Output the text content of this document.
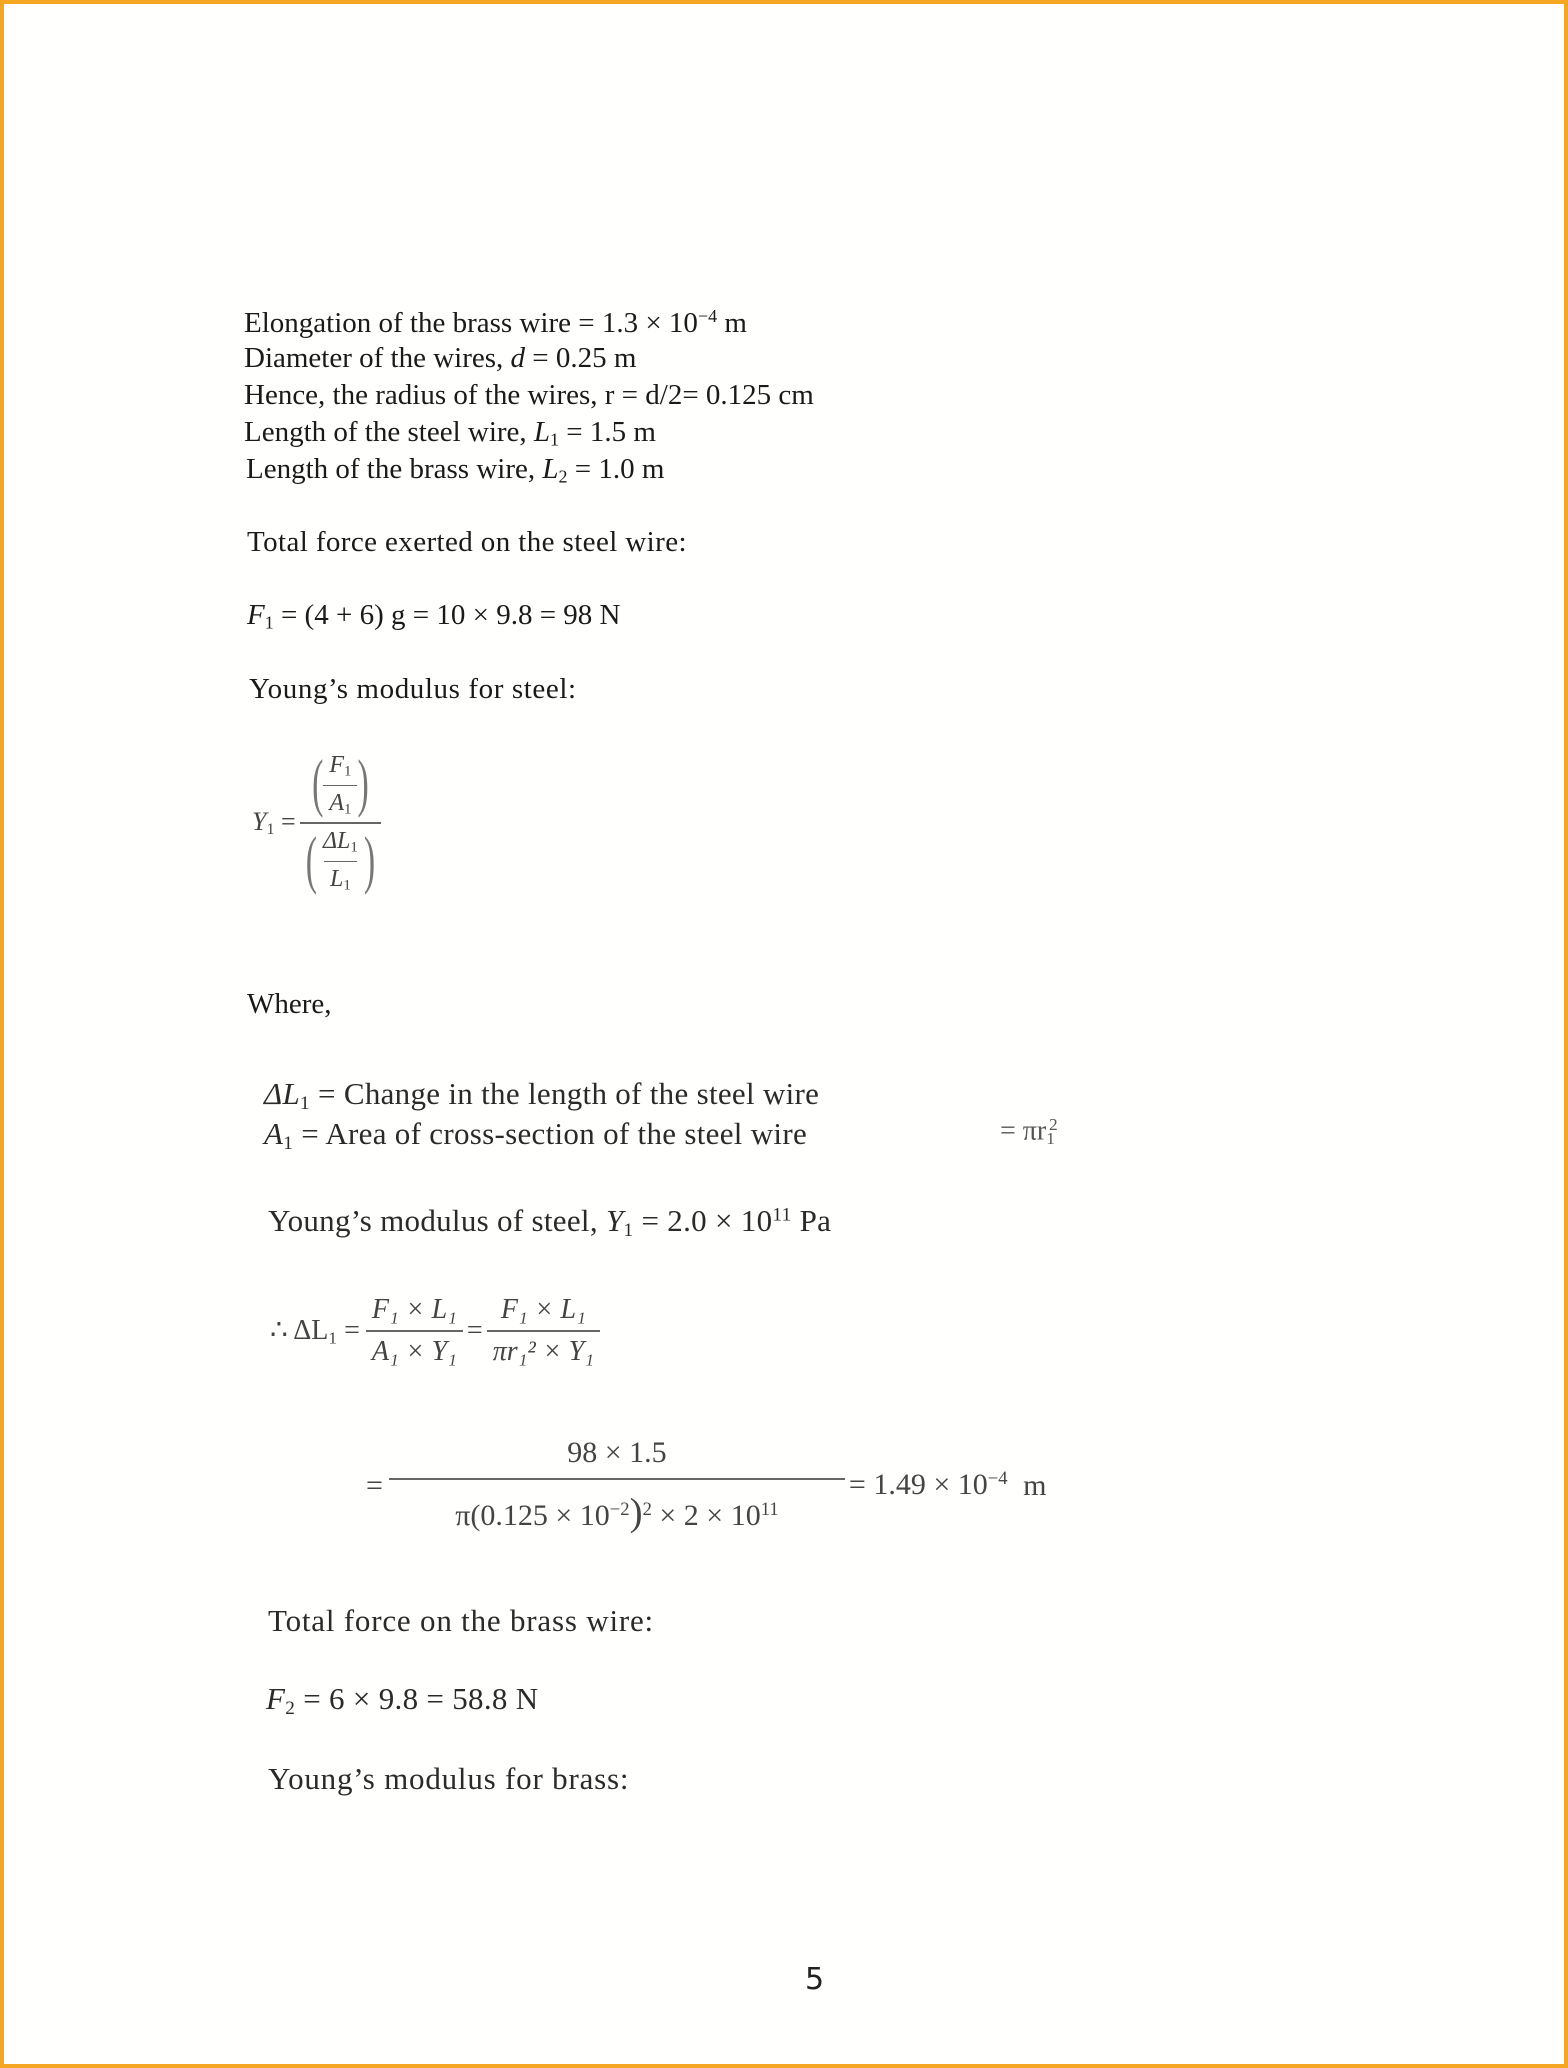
Elongation of the brass wire = $1.3 \times 10^{-4}$ m
Diameter of the wires, d = 0.25 m
Hence, the radius of the wires, r = d/2= 0.125 cm
Length of the steel wire, $L_1 = 1.5$ m
Length of the brass wire, $L_2 = 1.0$ m
Total force exerted on the steel wire:
$F_1 = (4 + 6) g = 10 \times 9.8 = 98$ N
Young’s modulus for steel:
$Y_1$ =
( $\frac{F_1}{A_1}$ )
( $\frac{\Delta L_1}{L_1}$ )
Where,
$\Delta L_1$ = Change in the length of the steel wire
$A_1$ = Area of cross-section of the steel wire	= $\pi r_1^2$
Young’s modulus of steel, $Y_1 = 2.0 \times 10^{11}$ Pa
∴ $\Delta L_1 = \frac{\text{F₁ × L₁}}{\text{A₁ × Y₁}} = \frac{\text{F₁ × L₁}}{\text{πr₁² × Y₁}}$
= $\frac{98 \times 1.5}{\pi(0.125 \times 10^{-2})^2 \times 2 \times 10^{11}} = 1.49 \times 10^{-4}$ m
Total force on the brass wire:
$F_2 = 6 \times 9.8 = 58.8$ N
Young’s modulus for brass:
5
